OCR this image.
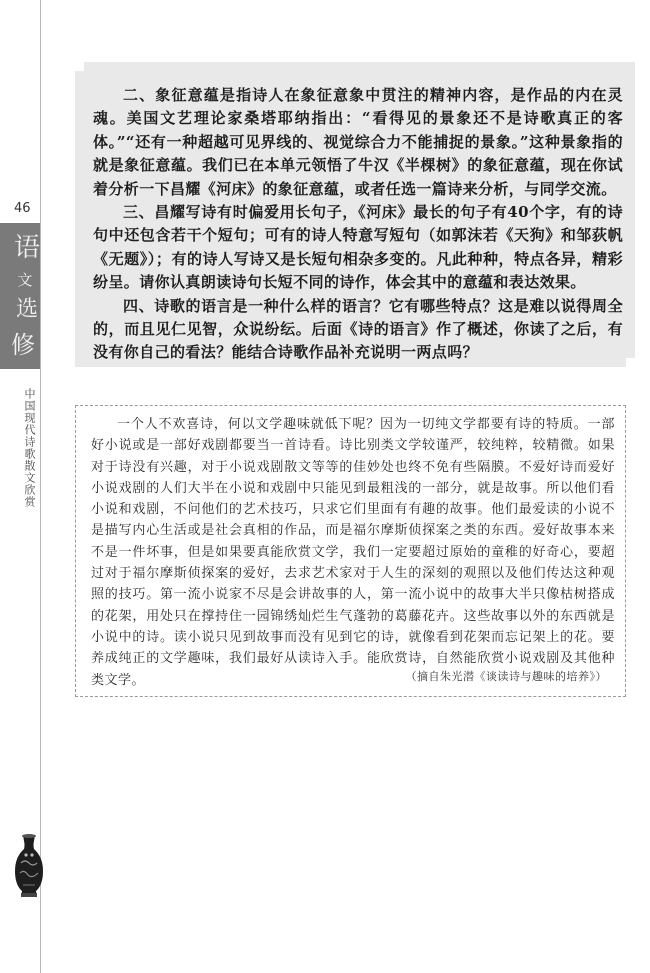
46
语
文
选
修
中国现代诗歌散文欣赏

二、象征意蕴是指诗人在象征意象中贯注的精神内容，是作品的内在灵魂。美国文艺理论家桑塔耶纳指出：“看得见的景象还不是诗歌真正的客体。”“还有一种超越可见界线的、视觉综合力不能捕捉的景象。”这种景象指的就是象征意蕴。我们已在本单元领悟了牛汉《半棵树》的象征意蕴，现在你试着分析一下昌耀《河床》的象征意蕴，或者任选一篇诗来分析，与同学交流。

三、昌耀写诗有时偏爱用长句子，《河床》最长的句子有40个字，有的诗句中还包含若干个短句；可有的诗人特意写短句（如郭沫若《天狗》和邹荻帆《无题》）；有的诗人写诗又是长短句相杂多变的。凡此种种，特点各异，精彩纷呈。请你认真朗读诗句长短不同的诗作，体会其中的意蕴和表达效果。

四、诗歌的语言是一种什么样的语言？它有哪些特点？这是难以说得周全的，而且见仁见智，众说纷纭。后面《诗的语言》作了概述，你读了之后，有没有你自己的看法？能结合诗歌作品补充说明一两点吗？

一个人不欢喜诗，何以文学趣味就低下呢？因为一切纯文学都要有诗的特质。一部好小说或是一部好戏剧都要当一首诗看。诗比别类文学较谨严，较纯粹，较精微。如果对于诗没有兴趣，对于小说戏剧散文等等的佳妙处也终不免有些隔膜。不爱好诗而爱好小说戏剧的人们大半在小说和戏剧中只能见到最粗浅的一部分，就是故事。所以他们看小说和戏剧，不问他们的艺术技巧，只求它们里面有有趣的故事。他们最爱读的小说不是描写内心生活或是社会真相的作品，而是福尔摩斯侦探案之类的东西。爱好故事本来不是一件坏事，但是如果要真能欣赏文学，我们一定要超过原始的童稚的好奇心，要超过对于福尔摩斯侦探案的爱好，去求艺术家对于人生的深刻的观照以及他们传达这种观照的技巧。第一流小说家不尽是会讲故事的人，第一流小说中的故事大半只像枯树搭成的花架，用处只在撑持住一园锦绣灿烂生气蓬勃的葛藤花卉。这些故事以外的东西就是小说中的诗。读小说只见到故事而没有见到它的诗，就像看到花架而忘记架上的花。要养成纯正的文学趣味，我们最好从读诗入手。能欣赏诗，自然能欣赏小说戏剧及其他种类文学。	（摘自朱光潜《谈读诗与趣味的培养》）
